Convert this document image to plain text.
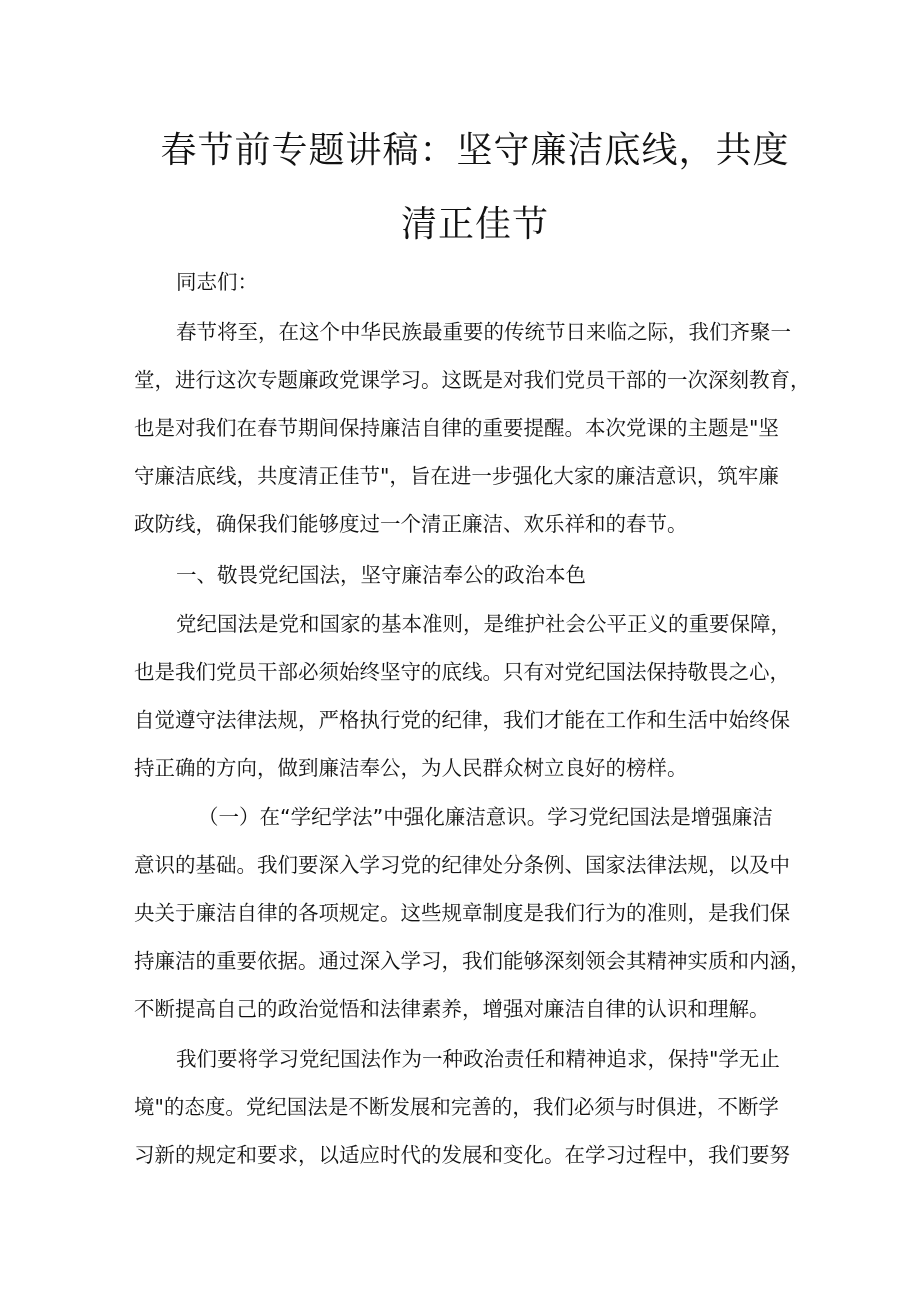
春节前专题讲稿：坚守廉洁底线，共度
清正佳节
同志们：
春节将至，在这个中华民族最重要的传统节日来临之际，我们齐聚一
堂，进行这次专题廉政党课学习。这既是对我们党员干部的一次深刻教育，
也是对我们在春节期间保持廉洁自律的重要提醒。本次党课的主题是"坚
守廉洁底线，共度清正佳节"，旨在进一步强化大家的廉洁意识，筑牢廉
政防线，确保我们能够度过一个清正廉洁、欢乐祥和的春节。
一、敬畏党纪国法，坚守廉洁奉公的政治本色
党纪国法是党和国家的基本准则，是维护社会公平正义的重要保障，
也是我们党员干部必须始终坚守的底线。只有对党纪国法保持敬畏之心，
自觉遵守法律法规，严格执行党的纪律，我们才能在工作和生活中始终保
持正确的方向，做到廉洁奉公，为人民群众树立良好的榜样。
（一）在“学纪学法”中强化廉洁意识。学习党纪国法是增强廉洁
意识的基础。我们要深入学习党的纪律处分条例、国家法律法规，以及中
央关于廉洁自律的各项规定。这些规章制度是我们行为的准则，是我们保
持廉洁的重要依据。通过深入学习，我们能够深刻领会其精神实质和内涵，
不断提高自己的政治觉悟和法律素养，增强对廉洁自律的认识和理解。
我们要将学习党纪国法作为一种政治责任和精神追求，保持"学无止
境"的态度。党纪国法是不断发展和完善的，我们必须与时俱进，不断学
习新的规定和要求，以适应时代的发展和变化。在学习过程中，我们要努
